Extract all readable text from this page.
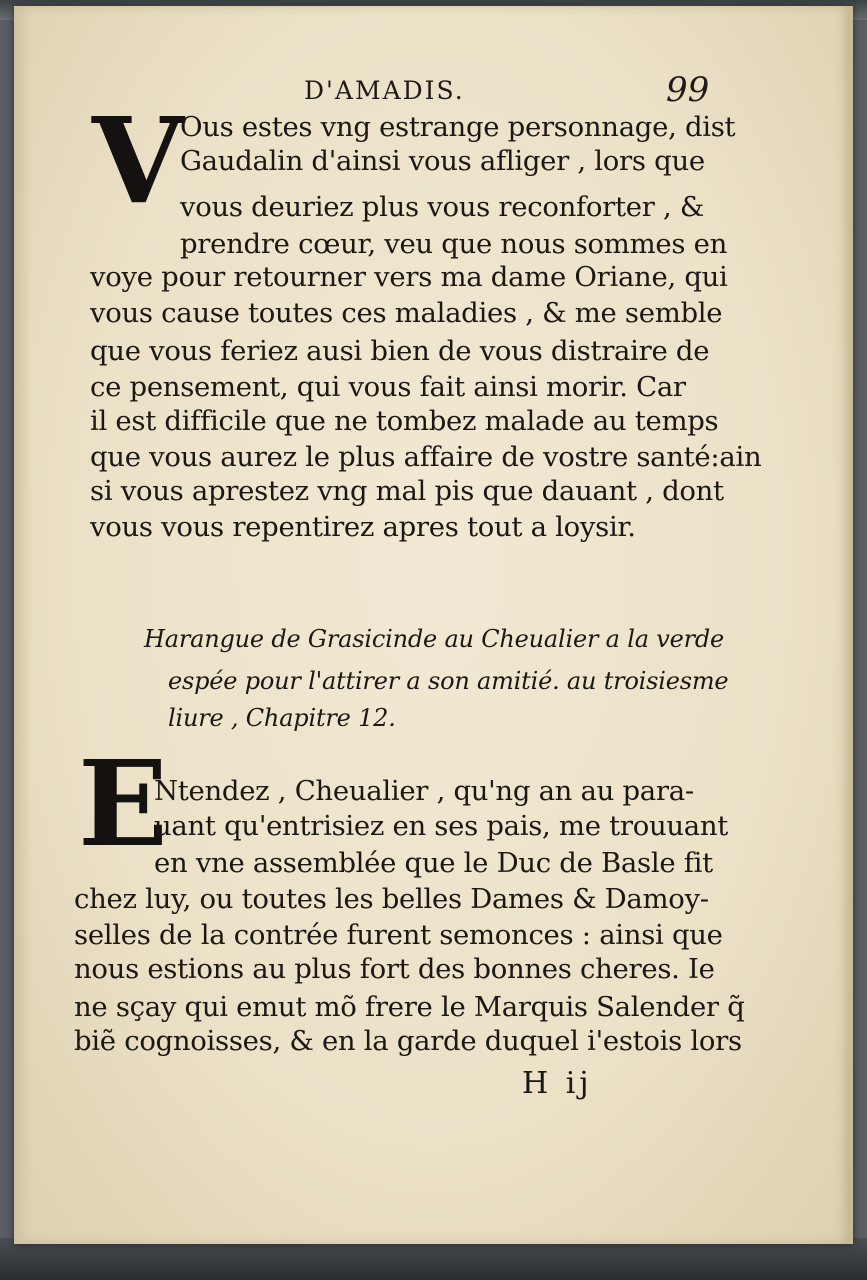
D'AMADIS.	99
V
Ous estes vng estrange personnage, dist
Gaudalin d'ainsi vous afliger , lors que
vous deuriez plus vous reconforter , &
prendre cœur, veu que nous sommes en
voye pour retourner vers ma dame Oriane, qui
vous cause toutes ces maladies , & me semble
que vous feriez ausi bien de vous distraire de
ce pensement, qui vous fait ainsi morir. Car
il est difficile que ne tombez malade au temps
que vous aurez le plus affaire de vostre santé:ain
si vous aprestez vng mal pis que dauant , dont
vous vous repentirez apres tout a loysir.
Harangue de Grasicinde au Cheualier a la verde
espée pour l'attirer a son amitié. au troisiesme
liure , Chapitre 12.
E
Ntendez , Cheualier , qu'ng an au para-
uant qu'entrisiez en ses pais, me trouuant
en vne assemblée que le Duc de Basle fit
chez luy, ou toutes les belles Dames & Damoy-
selles de la contrée furent semonces : ainsi que
nous estions au plus fort des bonnes cheres. Ie
ne sçay qui emut mõ frere le Marquis Salender q̃
biẽ cognoisses, & en la garde duquel i'estois lors
H ij
